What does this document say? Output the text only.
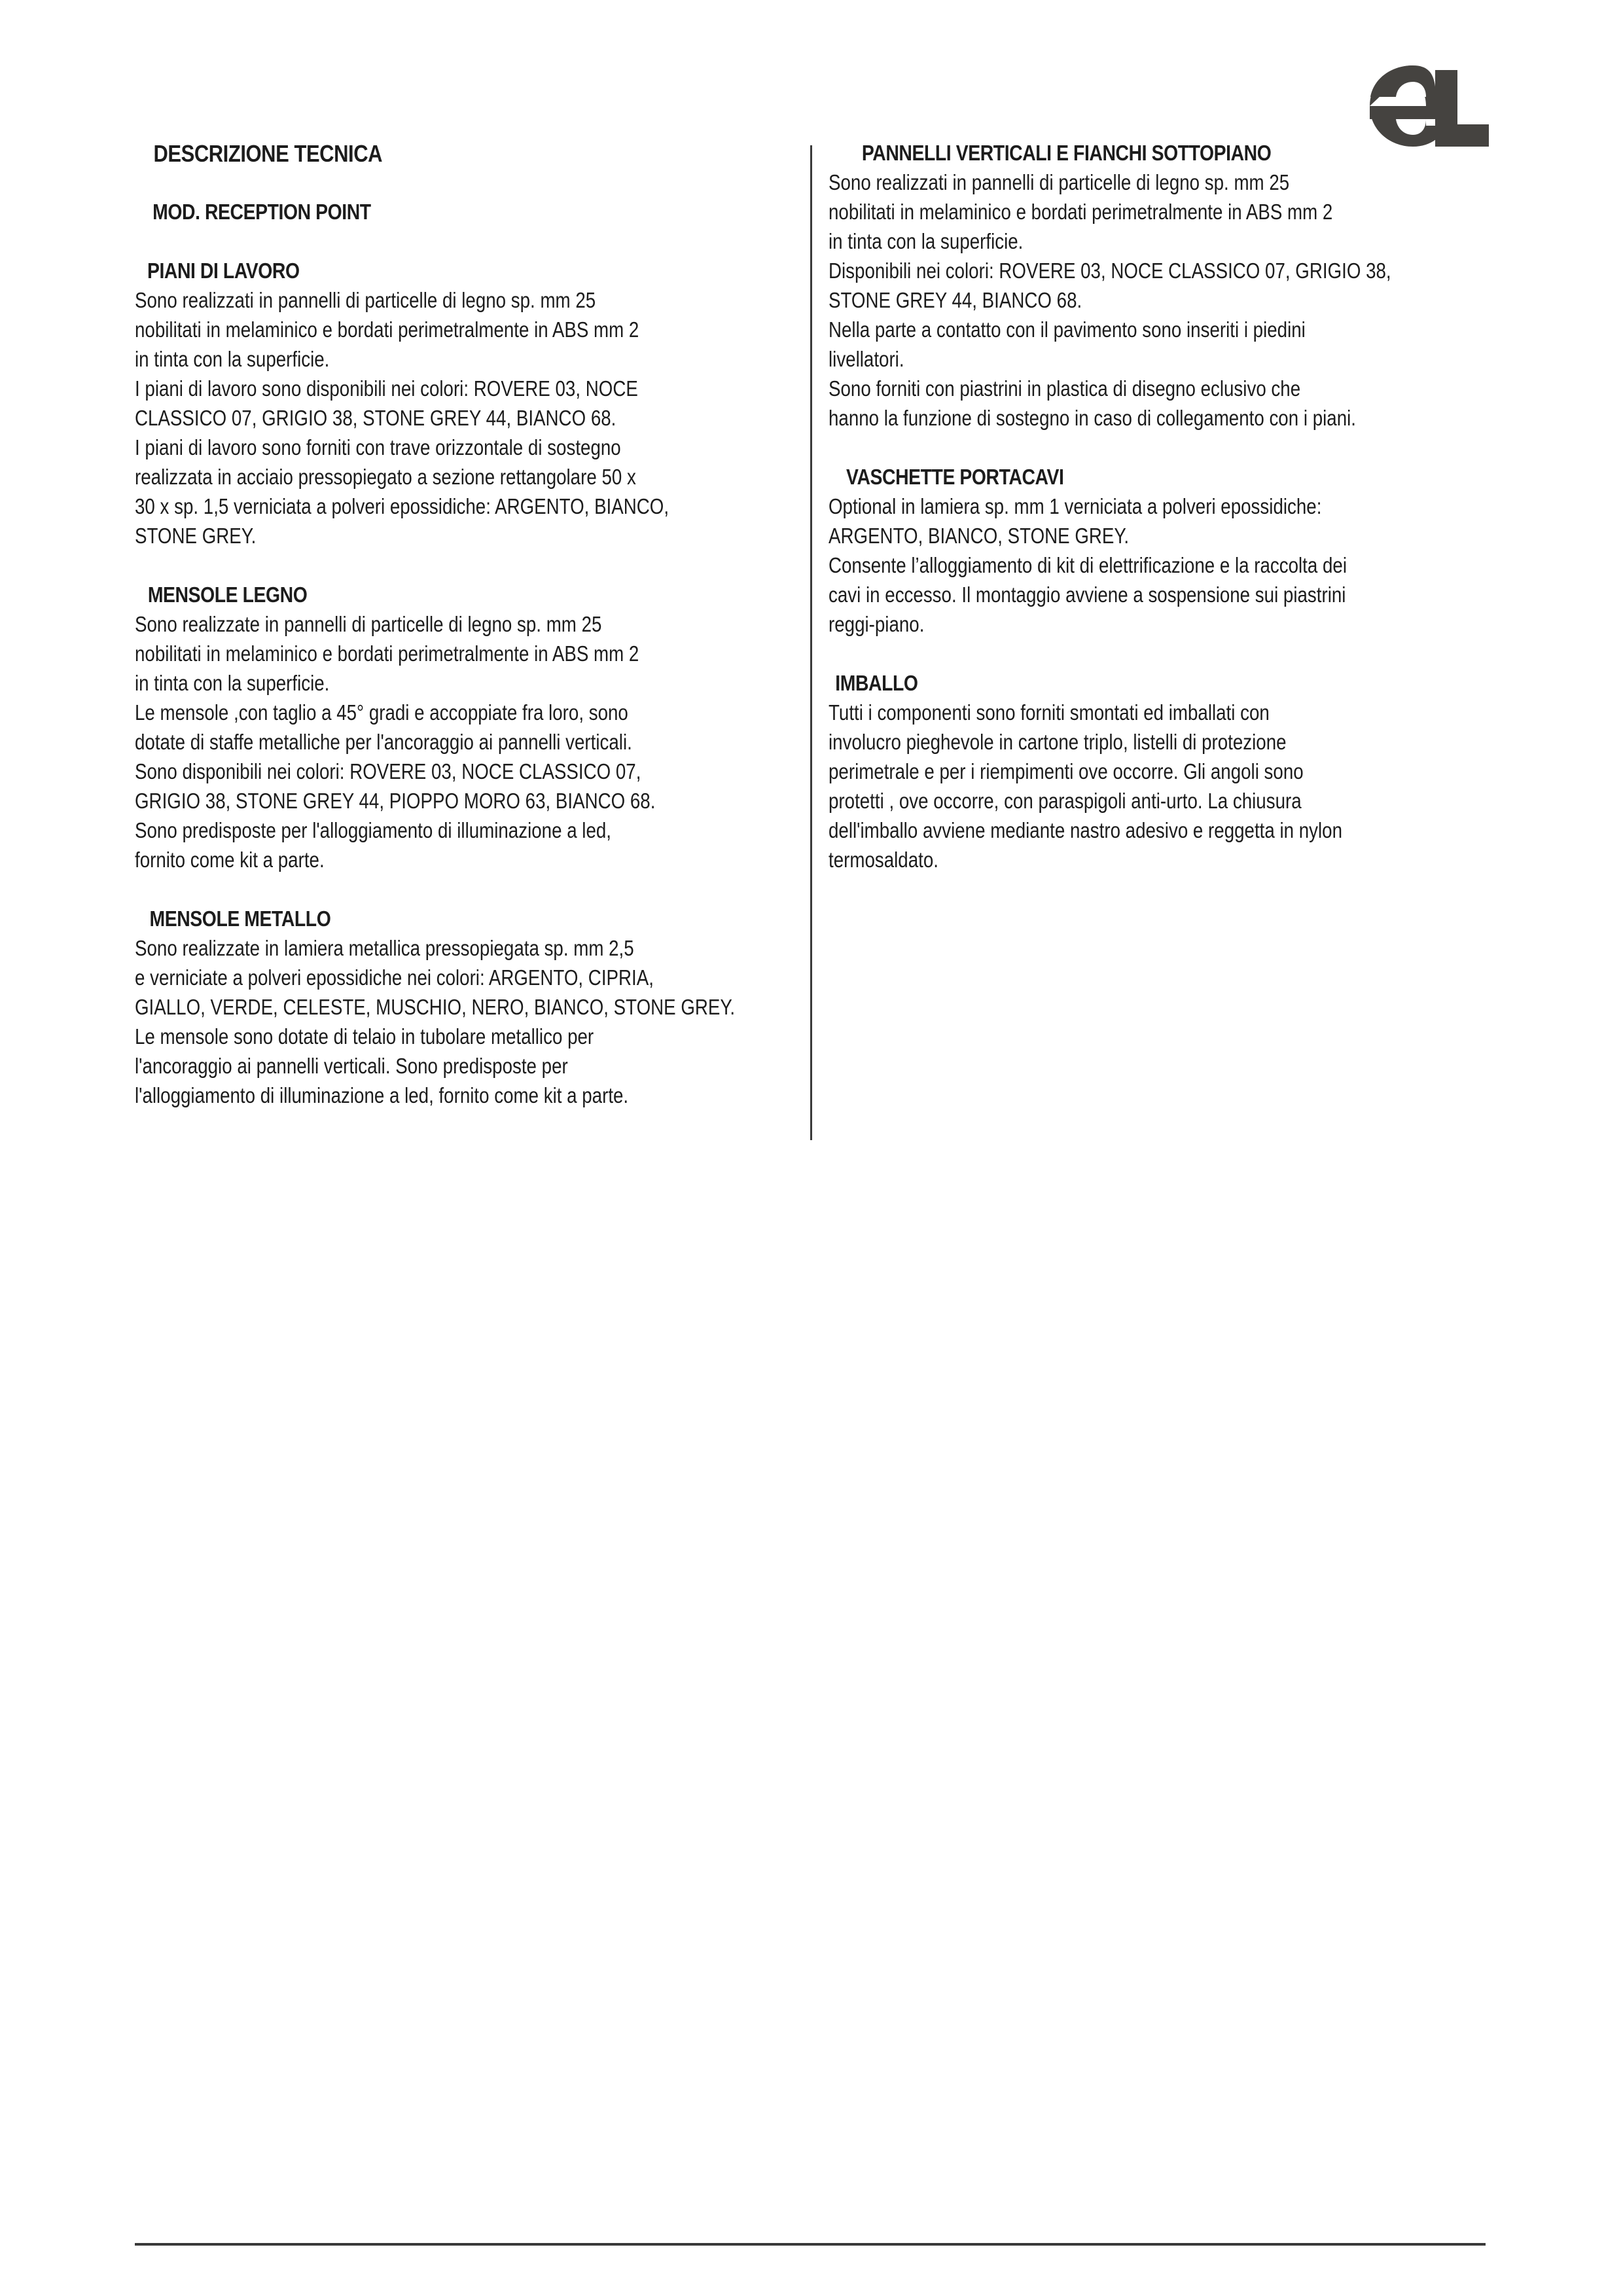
DESCRIZIONE TECNICA
MOD. RECEPTION POINT
PIANI DI LAVORO
Sono realizzati in pannelli di particelle di legno sp. mm 25
nobilitati in melaminico e bordati perimetralmente in ABS mm 2
in tinta con la superficie.
I piani di lavoro sono disponibili nei colori: ROVERE 03, NOCE
CLASSICO 07, GRIGIO 38, STONE GREY 44, BIANCO 68.
I piani di lavoro sono forniti con trave orizzontale di sostegno
realizzata in acciaio pressopiegato a sezione rettangolare 50 x
30 x sp. 1,5 verniciata a polveri epossidiche: ARGENTO, BIANCO,
STONE GREY.
MENSOLE LEGNO
Sono realizzate in pannelli di particelle di legno sp. mm 25
nobilitati in melaminico e bordati perimetralmente in ABS mm 2
in tinta con la superficie.
Le mensole ,con taglio a 45° gradi e accoppiate fra loro, sono
dotate di staffe metalliche per l'ancoraggio ai pannelli verticali.
Sono disponibili nei colori: ROVERE 03, NOCE CLASSICO 07,
GRIGIO 38, STONE GREY 44, PIOPPO MORO 63, BIANCO 68.
Sono predisposte per l'alloggiamento di illuminazione a led,
fornito come kit a parte.
MENSOLE METALLO
Sono realizzate in lamiera metallica pressopiegata sp. mm 2,5
e verniciate a polveri epossidiche nei colori: ARGENTO, CIPRIA,
GIALLO, VERDE, CELESTE, MUSCHIO, NERO, BIANCO, STONE GREY.
Le mensole sono dotate di telaio in tubolare metallico per
l'ancoraggio ai pannelli verticali. Sono predisposte per
l'alloggiamento di illuminazione a led, fornito come kit a parte.
PANNELLI VERTICALI E FIANCHI SOTTOPIANO
Sono realizzati in pannelli di particelle di legno sp. mm 25
nobilitati in melaminico e bordati perimetralmente in ABS mm 2
in tinta con la superficie.
Disponibili nei colori: ROVERE 03, NOCE CLASSICO 07, GRIGIO 38,
STONE GREY 44, BIANCO 68.
Nella parte a contatto con il pavimento sono inseriti i piedini
livellatori.
Sono forniti con piastrini in plastica di disegno eclusivo che
hanno la funzione di sostegno in caso di collegamento con i piani.
VASCHETTE PORTACAVI
Optional in lamiera sp. mm 1 verniciata a polveri epossidiche:
ARGENTO, BIANCO, STONE GREY.
Consente l’alloggiamento di kit di elettrificazione e la raccolta dei
cavi in eccesso. Il montaggio avviene a sospensione sui piastrini
reggi-piano.
IMBALLO
Tutti i componenti sono forniti smontati ed imballati con
involucro pieghevole in cartone triplo, listelli di protezione
perimetrale e per i riempimenti ove occorre. Gli angoli sono
protetti , ove occorre, con paraspigoli anti-urto. La chiusura
dell'imballo avviene mediante nastro adesivo e reggetta in nylon
termosaldato.
